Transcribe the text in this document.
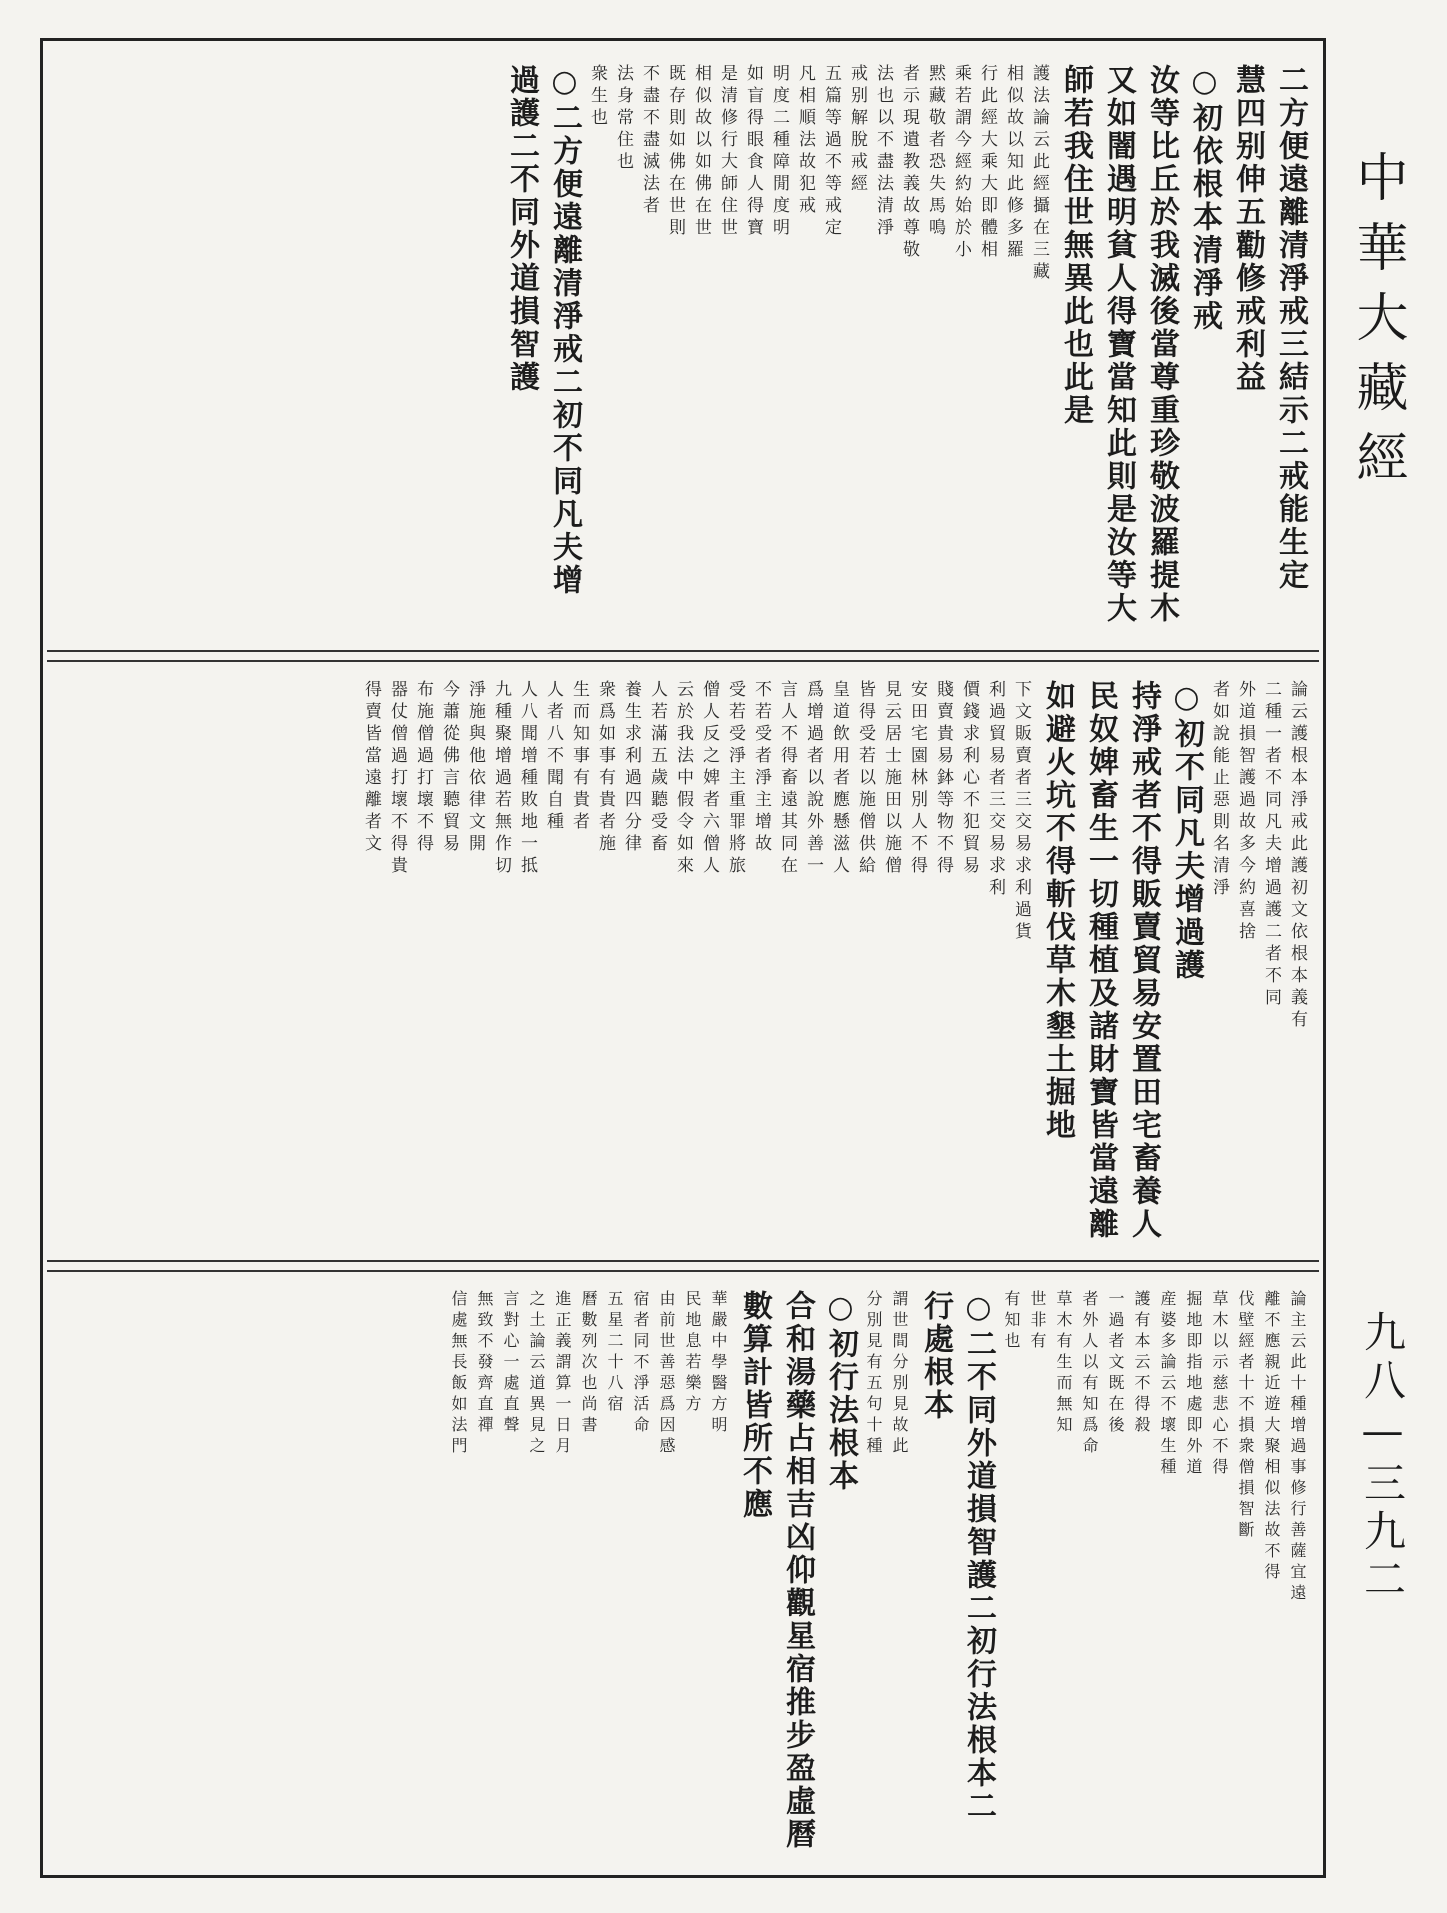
二方便遠離清淨戒三結示二戒能生定
慧四别伸五勸修戒利益
○初依根本清淨戒
汝等比丘於我滅後當尊重珍敬波羅提木
又如闇遇明貧人得寶當知此則是汝等大
師若我住世無異此也此是
護法論云此經攝在三藏
相似故以知此修多羅
行此經大乘大即體相
乘若謂今經約始於小
黙藏敬者恐失馬鳴
者示現遺教義故尊敬
法也以不盡法清淨
戒别解脫戒經
五篇等過不等戒定
凡相順法故犯戒
明度二種障閒度明
如盲得眼食人得寶
是清修行大師住世
相似故以如佛在世
既存則如佛在世則
不盡不盡滅法者
法身常住也
衆生也
○二方便遠離清淨戒二初不同凡夫增
過護二不同外道損智護
論云護根本淨戒此護初文依根本義有
二種一者不同凡夫增過護二者不同
外道損智護過故多今約喜捨
者如說能止惡則名清淨
○初不同凡夫增過護
持淨戒者不得販賣貿易安置田宅畜養人
民奴婢畜生一切種植及諸財寶皆當遠離
如避火坑不得斬伐草木墾土掘地
下文販賣者三交易求利過貨
利過貿易者三交易求利
價錢求利心不犯貿易
賤賣貴易鉢等物不得
安田宅園林別人不得
見云居士施田以施僧
皆得受若以施僧供給
皇道飲用者應懸滋人
爲增過者以說外善一
言人不得畜遠其同在
不若受者淨主增故
受若受淨主重罪將旅
僧人反之婢者六僧人
云於我法中假令如來
人若滿五歲聽受畜
養生求利過四分律
衆爲如事有貴者施
生而知事有貴者
人者八不聞自種
人八聞增種敗地一抵
九種聚增過若無作切
淨施與他依律文開
今蕭從佛言聽貿易
布施僧過打壞不得
器仗僧過打壞不得貴
得賣皆當遠離者文
論主云此十種增過事修行善薩宜遠
離不應親近遊大聚相似法故不得
伐壁經者十不損衆僧損智斷
草木以示慈悲心不得
掘地即指地處即外道
産婆多論云不壞生種
護有本云不得殺
一過者文既在後
者外人以有知爲命
草木有生而無知
世非有
有知也
○二不同外道損智護二初行法根本二
行處根本
謂世間分別見故此
分別見有五句十種
○初行法根本
合和湯藥占相吉凶仰觀星宿推步盈虛曆
數算計皆所不應
華嚴中學醫方明
民地息若樂方
由前世善惡爲因感
宿者同不淨活命
五星二十八宿
曆數列次也尚書
進正義謂算一日月
之土論云道異見之
言對心一處直聲
無致不發齊直禪
信處無長飯如法門
中華大藏經
九八—三九二
